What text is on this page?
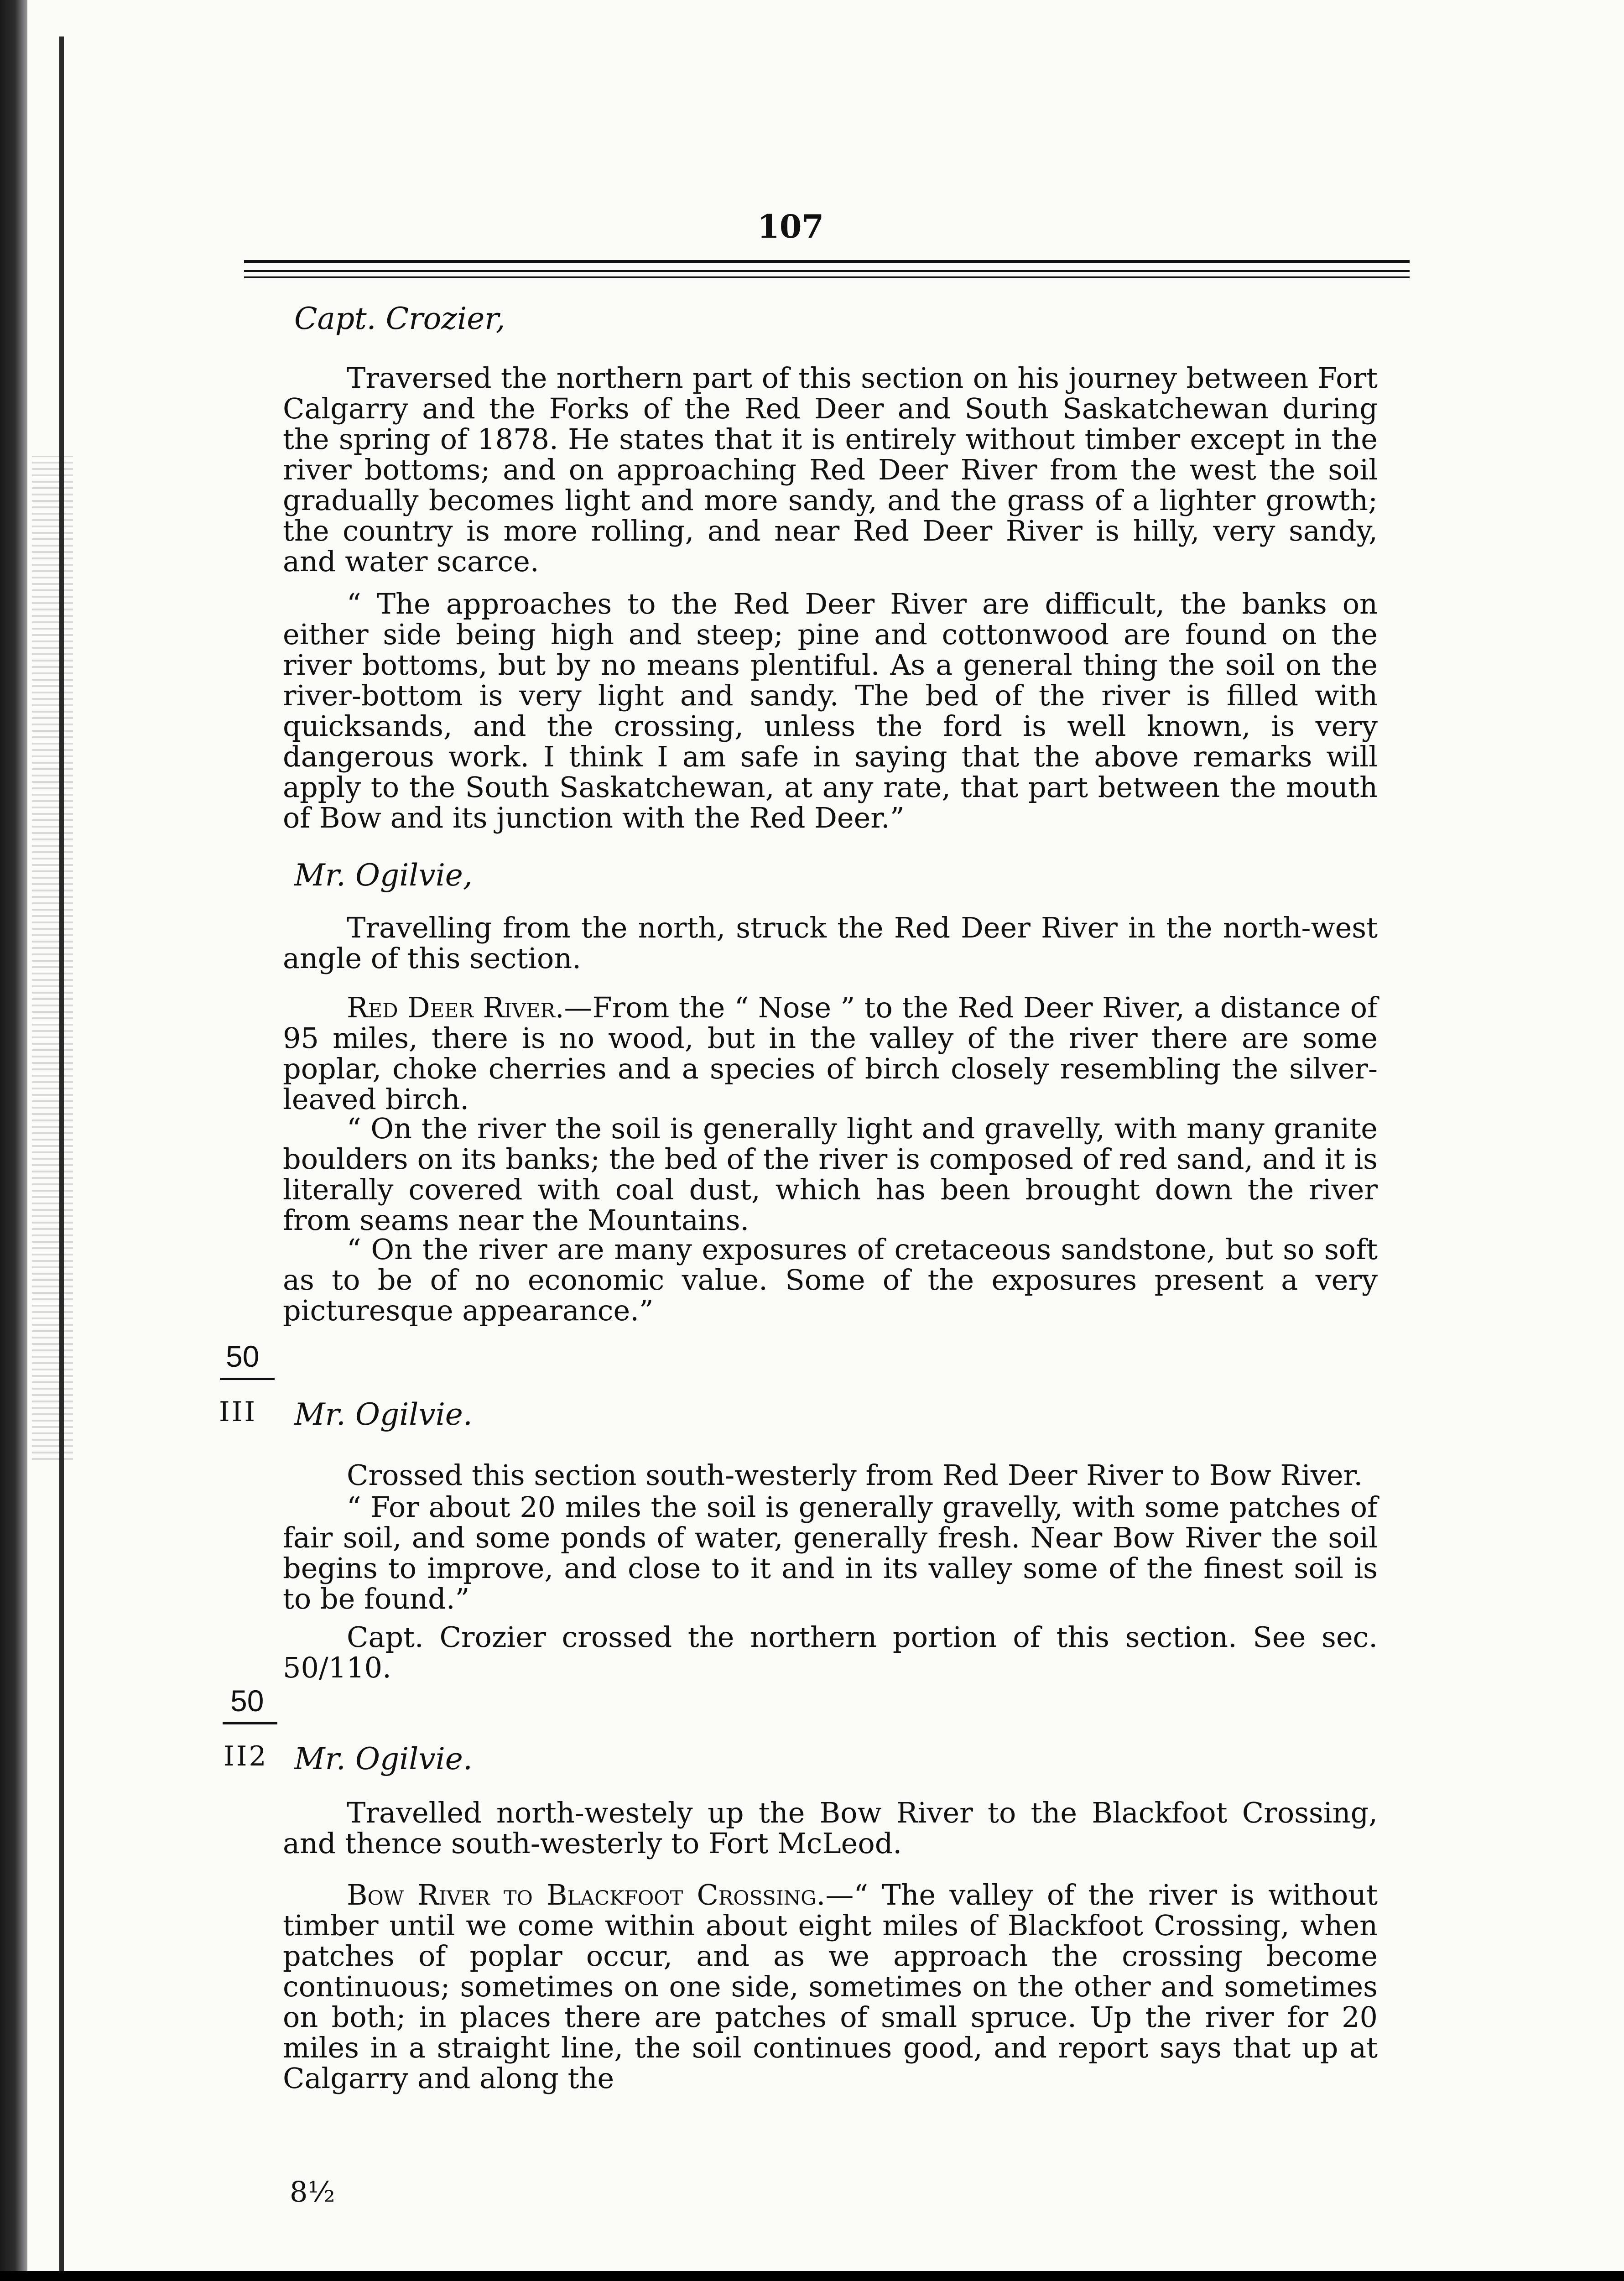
107
Capt. Crozier,

Traversed the northern part of this section on his journey between Fort Calgarry and the Forks of the Red Deer and South Saskatchewan during the spring of 1878. He states that it is entirely without timber except in the river bottoms; and on approaching Red Deer River from the west the soil gradually becomes light and more sandy, and the grass of a lighter growth; the country is more rolling, and near Red Deer River is hilly, very sandy, and water scarce.

“ The approaches to the Red Deer River are difficult, the banks on either side being high and steep; pine and cottonwood are found on the river bottoms, but by no means plentiful. As a general thing the soil on the river-bottom is very light and sandy. The bed of the river is filled with quicksands, and the crossing, unless the ford is well known, is very dangerous work. I think I am safe in saying that the above remarks will apply to the South Saskatchewan, at any rate, that part between the mouth of Bow and its junction with the Red Deer.”

Mr. Ogilvie,

Travelling from the north, struck the Red Deer River in the north-west angle of this section.

Red Deer River.—From the “ Nose ” to the Red Deer River, a distance of 95 miles, there is no wood, but in the valley of the river there are some poplar, choke cherries and a species of birch closely resembling the silver-leaved birch.

“ On the river the soil is generally light and gravelly, with many granite boulders on its banks; the bed of the river is composed of red sand, and it is literally covered with coal dust, which has been brought down the river from seams near the Mountains.

“ On the river are many exposures of cretaceous sandstone, but so soft as to be of no economic value. Some of the exposures present a very picturesque appearance.”

50
III Mr. Ogilvie.

Crossed this section south-westerly from Red Deer River to Bow River.

“ For about 20 miles the soil is generally gravelly, with some patches of fair soil, and some ponds of water, generally fresh. Near Bow River the soil begins to improve, and close to it and in its valley some of the finest soil is to be found.”

Capt. Crozier crossed the northern portion of this section. See sec. 50/110.

50
II2 Mr. Ogilvie.

Travelled north-westely up the Bow River to the Blackfoot Crossing, and thence south-westerly to Fort McLeod.

Bow River to Blackfoot Crossing.—“ The valley of the river is without timber until we come within about eight miles of Blackfoot Crossing, when patches of poplar occur, and as we approach the crossing become continuous; sometimes on one side, sometimes on the other and sometimes on both; in places there are patches of small spruce. Up the river for 20 miles in a straight line, the soil continues good, and report says that up at Calgarry and along the

8½
